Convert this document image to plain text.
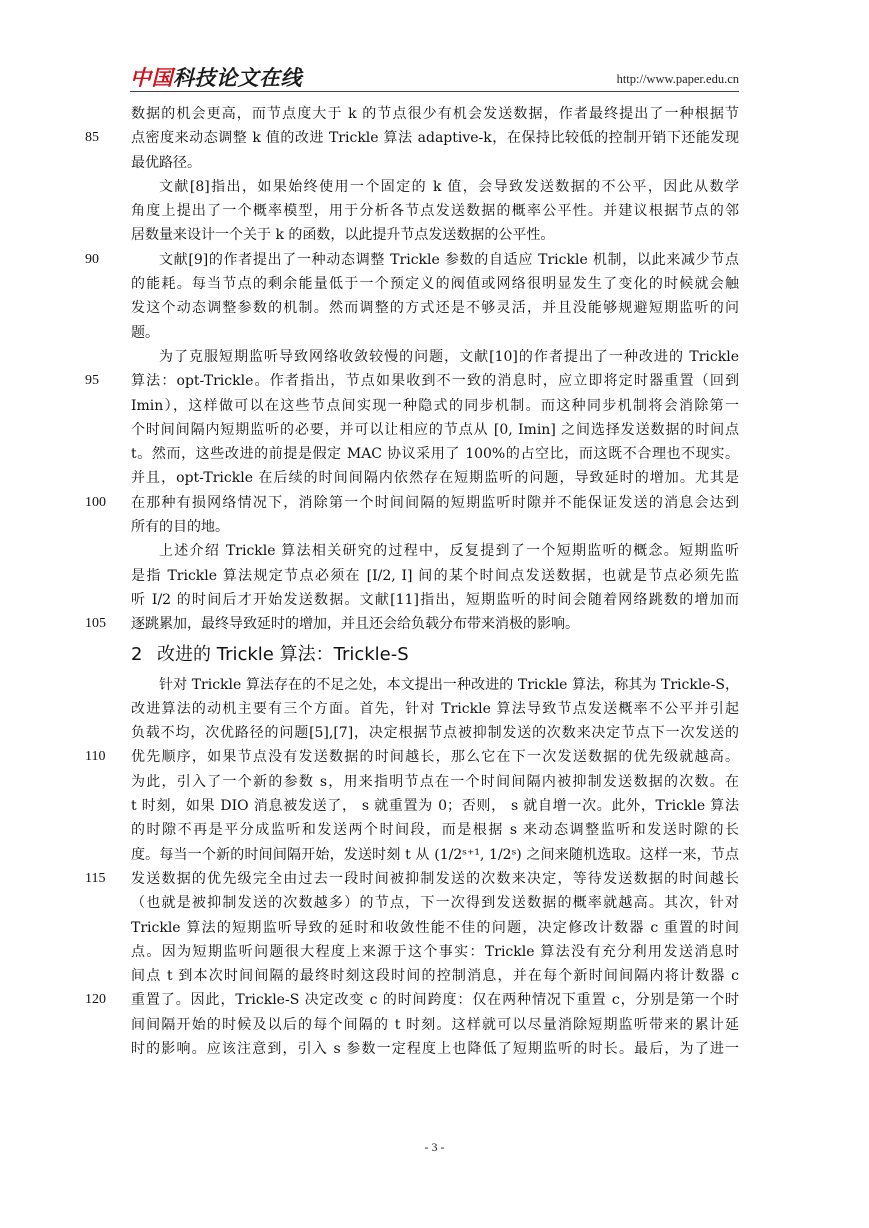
中国科技论文在线	http://www.paper.edu.cn
数据的机会更高，而节点度大于 k 的节点很少有机会发送数据，作者最终提出了一种根据节
85	点密度来动态调整 k 值的改进 Trickle 算法 adaptive-k，在保持比较低的控制开销下还能发现
最优路径。
文献[8]指出，如果始终使用一个固定的 k 值，会导致发送数据的不公平，因此从数学
角度上提出了一个概率模型，用于分析各节点发送数据的概率公平性。并建议根据节点的邻
居数量来设计一个关于 k 的函数，以此提升节点发送数据的公平性。
90	文献[9]的作者提出了一种动态调整 Trickle 参数的自适应 Trickle 机制，以此来减少节点
的能耗。每当节点的剩余能量低于一个预定义的阀值或网络很明显发生了变化的时候就会触
发这个动态调整参数的机制。然而调整的方式还是不够灵活，并且没能够规避短期监听的问
题。
为了克服短期监听导致网络收敛较慢的问题，文献[10]的作者提出了一种改进的 Trickle
95	算法：opt-Trickle。作者指出，节点如果收到不一致的消息时，应立即将定时器重置（回到
Imin），这样做可以在这些节点间实现一种隐式的同步机制。而这种同步机制将会消除第一
个时间间隔内短期监听的必要，并可以让相应的节点从 [0, Imin] 之间选择发送数据的时间点
t。然而，这些改进的前提是假定 MAC 协议采用了 100%的占空比，而这既不合理也不现实。
并且，opt-Trickle 在后续的时间间隔内依然存在短期监听的问题，导致延时的增加。尤其是
100	在那种有损网络情况下，消除第一个时间间隔的短期监听时隙并不能保证发送的消息会达到
所有的目的地。
上述介绍 Trickle 算法相关研究的过程中，反复提到了一个短期监听的概念。短期监听
是指 Trickle 算法规定节点必须在 [I/2, I] 间的某个时间点发送数据，也就是节点必须先监
听 I/2 的时间后才开始发送数据。文献[11]指出，短期监听的时间会随着网络跳数的增加而
105	逐跳累加，最终导致延时的增加，并且还会给负载分布带来消极的影响。
2 改进的 Trickle 算法：Trickle-S
针对 Trickle 算法存在的不足之处，本文提出一种改进的 Trickle 算法，称其为 Trickle-S，
改进算法的动机主要有三个方面。首先，针对 Trickle 算法导致节点发送概率不公平并引起
负载不均，次优路径的问题[5],[7]，决定根据节点被抑制发送的次数来决定节点下一次发送的
110	优先顺序，如果节点没有发送数据的时间越长，那么它在下一次发送数据的优先级就越高。
为此，引入了一个新的参数 s，用来指明节点在一个时间间隔内被抑制发送数据的次数。在
t 时刻，如果 DIO 消息被发送了， s 就重置为 0；否则， s 就自增一次。此外，Trickle 算法
的时隙不再是平分成监听和发送两个时间段，而是根据 s 来动态调整监听和发送时隙的长
度。每当一个新的时间间隔开始，发送时刻 t 从 (1/2ˢ⁺¹, 1/2ˢ) 之间来随机选取。这样一来，节点
115	发送数据的优先级完全由过去一段时间被抑制发送的次数来决定，等待发送数据的时间越长
（也就是被抑制发送的次数越多）的节点，下一次得到发送数据的概率就越高。其次，针对
Trickle 算法的短期监听导致的延时和收敛性能不佳的问题，决定修改计数器 c 重置的时间
点。因为短期监听问题很大程度上来源于这个事实：Trickle 算法没有充分利用发送消息时
间点 t 到本次时间间隔的最终时刻这段时间的控制消息，并在每个新时间间隔内将计数器 c
120	重置了。因此，Trickle-S 决定改变 c 的时间跨度：仅在两种情况下重置 c，分别是第一个时
间间隔开始的时候及以后的每个间隔的 t 时刻。这样就可以尽量消除短期监听带来的累计延
时的影响。应该注意到，引入 s 参数一定程度上也降低了短期监听的时长。最后，为了进一
- 3 -
